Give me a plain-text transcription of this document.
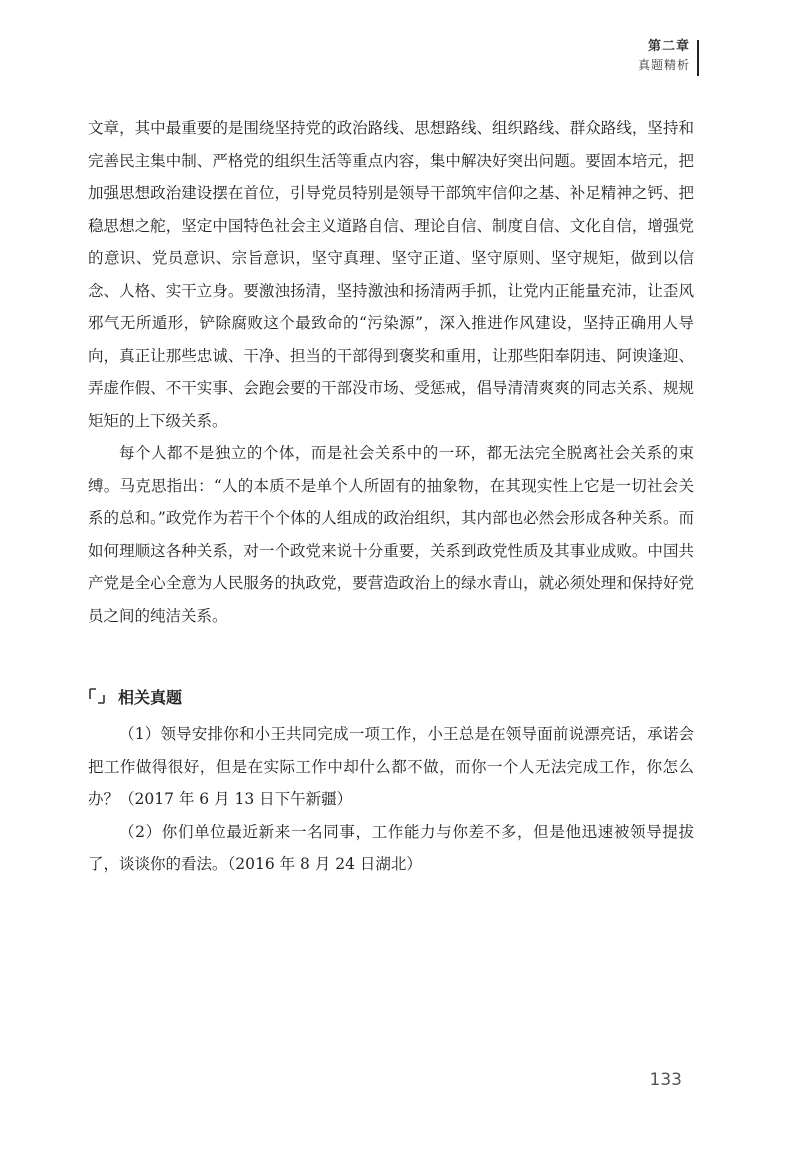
第二章
真题精析

文章，其中最重要的是围绕坚持党的政治路线、思想路线、组织路线、群众路线，坚持和完善民主集中制、严格党的组织生活等重点内容，集中解决好突出问题。要固本培元，把加强思想政治建设摆在首位，引导党员特别是领导干部筑牢信仰之基、补足精神之钙、把稳思想之舵，坚定中国特色社会主义道路自信、理论自信、制度自信、文化自信，增强党的意识、党员意识、宗旨意识，坚守真理、坚守正道、坚守原则、坚守规矩，做到以信念、人格、实干立身。要激浊扬清，坚持激浊和扬清两手抓，让党内正能量充沛，让歪风邪气无所遁形，铲除腐败这个最致命的“污染源”，深入推进作风建设，坚持正确用人导向，真正让那些忠诚、干净、担当的干部得到褒奖和重用，让那些阳奉阴违、阿谀逢迎、弄虚作假、不干实事、会跑会要的干部没市场、受惩戒，倡导清清爽爽的同志关系、规规矩矩的上下级关系。

每个人都不是独立的个体，而是社会关系中的一环，都无法完全脱离社会关系的束缚。马克思指出：“人的本质不是单个人所固有的抽象物，在其现实性上它是一切社会关系的总和。”政党作为若干个个体的人组成的政治组织，其内部也必然会形成各种关系。而如何理顺这各种关系，对一个政党来说十分重要，关系到政党性质及其事业成败。中国共产党是全心全意为人民服务的执政党，要营造政治上的绿水青山，就必须处理和保持好党员之间的纯洁关系。

相关真题

（1）领导安排你和小王共同完成一项工作，小王总是在领导面前说漂亮话，承诺会把工作做得很好，但是在实际工作中却什么都不做，而你一个人无法完成工作，你怎么办？（2017 年 6 月 13 日下午新疆）

（2）你们单位最近新来一名同事，工作能力与你差不多，但是他迅速被领导提拔了，谈谈你的看法。（2016 年 8 月 24 日湖北）

133
